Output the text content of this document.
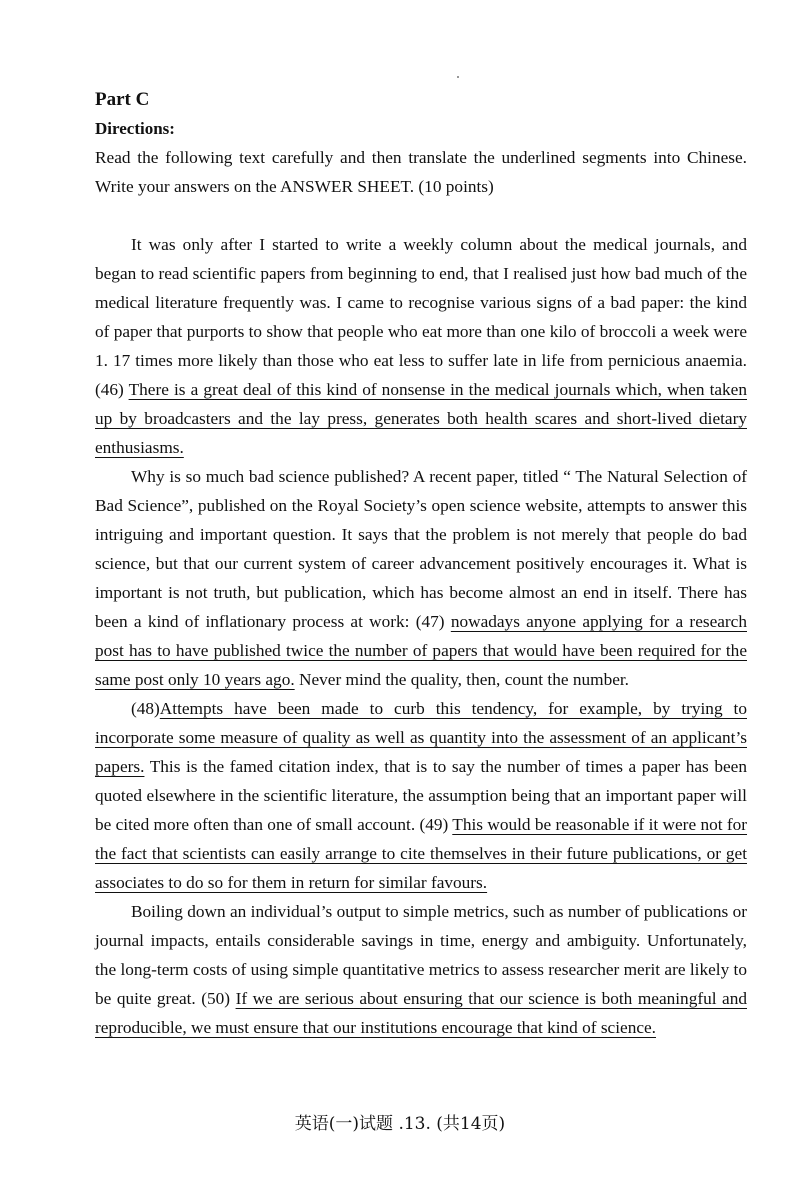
Part C
Directions:

Read the following text carefully and then translate the underlined segments into Chinese. Write your answers on the ANSWER SHEET. (10 points)

It was only after I started to write a weekly column about the medical journals, and began to read scientific papers from beginning to end, that I realised just how bad much of the medical literature frequently was. I came to recognise various signs of a bad paper: the kind of paper that purports to show that people who eat more than one kilo of broccoli a week were 1. 17 times more likely than those who eat less to suffer late in life from pernicious anaemia. (46) There is a great deal of this kind of nonsense in the medical journals which, when taken up by broadcasters and the lay press, generates both health scares and short-lived dietary enthusiasms.

Why is so much bad science published? A recent paper, titled “ The Natural Selection of Bad Science”, published on the Royal Society’s open science website, attempts to answer this intriguing and important question. It says that the problem is not merely that people do bad science, but that our current system of career advancement positively encourages it. What is important is not truth, but publication, which has become almost an end in itself. There has been a kind of inflationary process at work: (47) nowadays anyone applying for a research post has to have published twice the number of papers that would have been required for the same post only 10 years ago. Never mind the quality, then, count the number.

(48)Attempts have been made to curb this tendency, for example, by trying to incorporate some measure of quality as well as quantity into the assessment of an applicant’s papers. This is the famed citation index, that is to say the number of times a paper has been quoted elsewhere in the scientific literature, the assumption being that an important paper will be cited more often than one of small account. (49) This would be reasonable if it were not for the fact that scientists can easily arrange to cite themselves in their future publications, or get associates to do so for them in return for similar favours.

Boiling down an individual’s output to simple metrics, such as number of publications or journal impacts, entails considerable savings in time, energy and ambiguity. Unfortunately, the long-term costs of using simple quantitative metrics to assess researcher merit are likely to be quite great. (50) If we are serious about ensuring that our science is both meaningful and reproducible, we must ensure that our institutions encourage that kind of science.

英语(一)试题 .13. (共14页)
